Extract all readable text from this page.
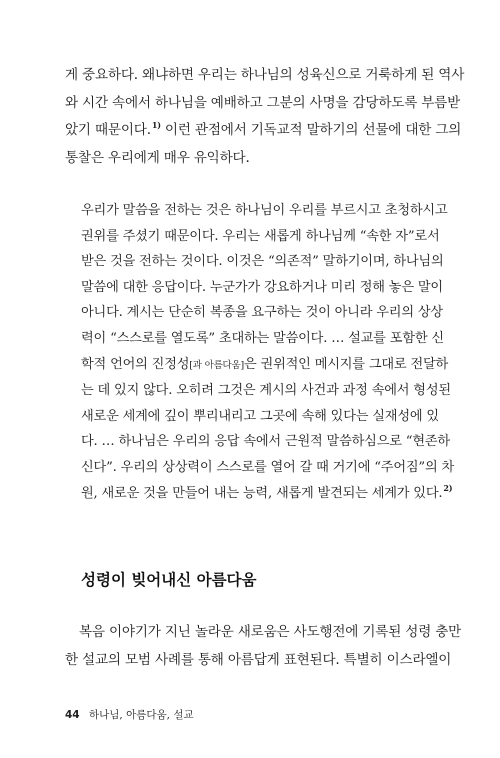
게 중요하다. 왜냐하면 우리는 하나님의 성육신으로 거룩하게 된 역사
와 시간 속에서 하나님을 예배하고 그분의 사명을 감당하도록 부름받
았기 때문이다.$^{1)}$ 이런 관점에서 기독교적 말하기의 선물에 대한 그의
통찰은 우리에게 매우 유익하다.
우리가 말씀을 전하는 것은 하나님이 우리를 부르시고 초청하시고
권위를 주셨기 때문이다. 우리는 새롭게 하나님께 “속한 자”로서
받은 것을 전하는 것이다. 이것은 “의존적” 말하기이며, 하나님의
말씀에 대한 응답이다. 누군가가 강요하거나 미리 정해 놓은 말이
아니다. 계시는 단순히 복종을 요구하는 것이 아니라 우리의 상상
력이 “스스로를 열도록” 초대하는 말씀이다. … 설교를 포함한 신
학적 언어의 진정성[과 아름다움]은 권위적인 메시지를 그대로 전달하
는 데 있지 않다. 오히려 그것은 계시의 사건과 과정 속에서 형성된
새로운 세계에 깊이 뿌리내리고 그곳에 속해 있다는 실재성에 있
다. … 하나님은 우리의 응답 속에서 근원적 말씀하심으로 “현존하
신다”. 우리의 상상력이 스스로를 열어 갈 때 거기에 “주어짐”의 차
원, 새로운 것을 만들어 내는 능력, 새롭게 발견되는 세계가 있다.$^{2)}$
성령이 빚어내신 아름다움
복음 이야기가 지닌 놀라운 새로움은 사도행전에 기록된 성령 충만
한 설교의 모범 사례를 통해 아름답게 표현된다. 특별히 이스라엘이
44 하나님, 아름다움, 설교
